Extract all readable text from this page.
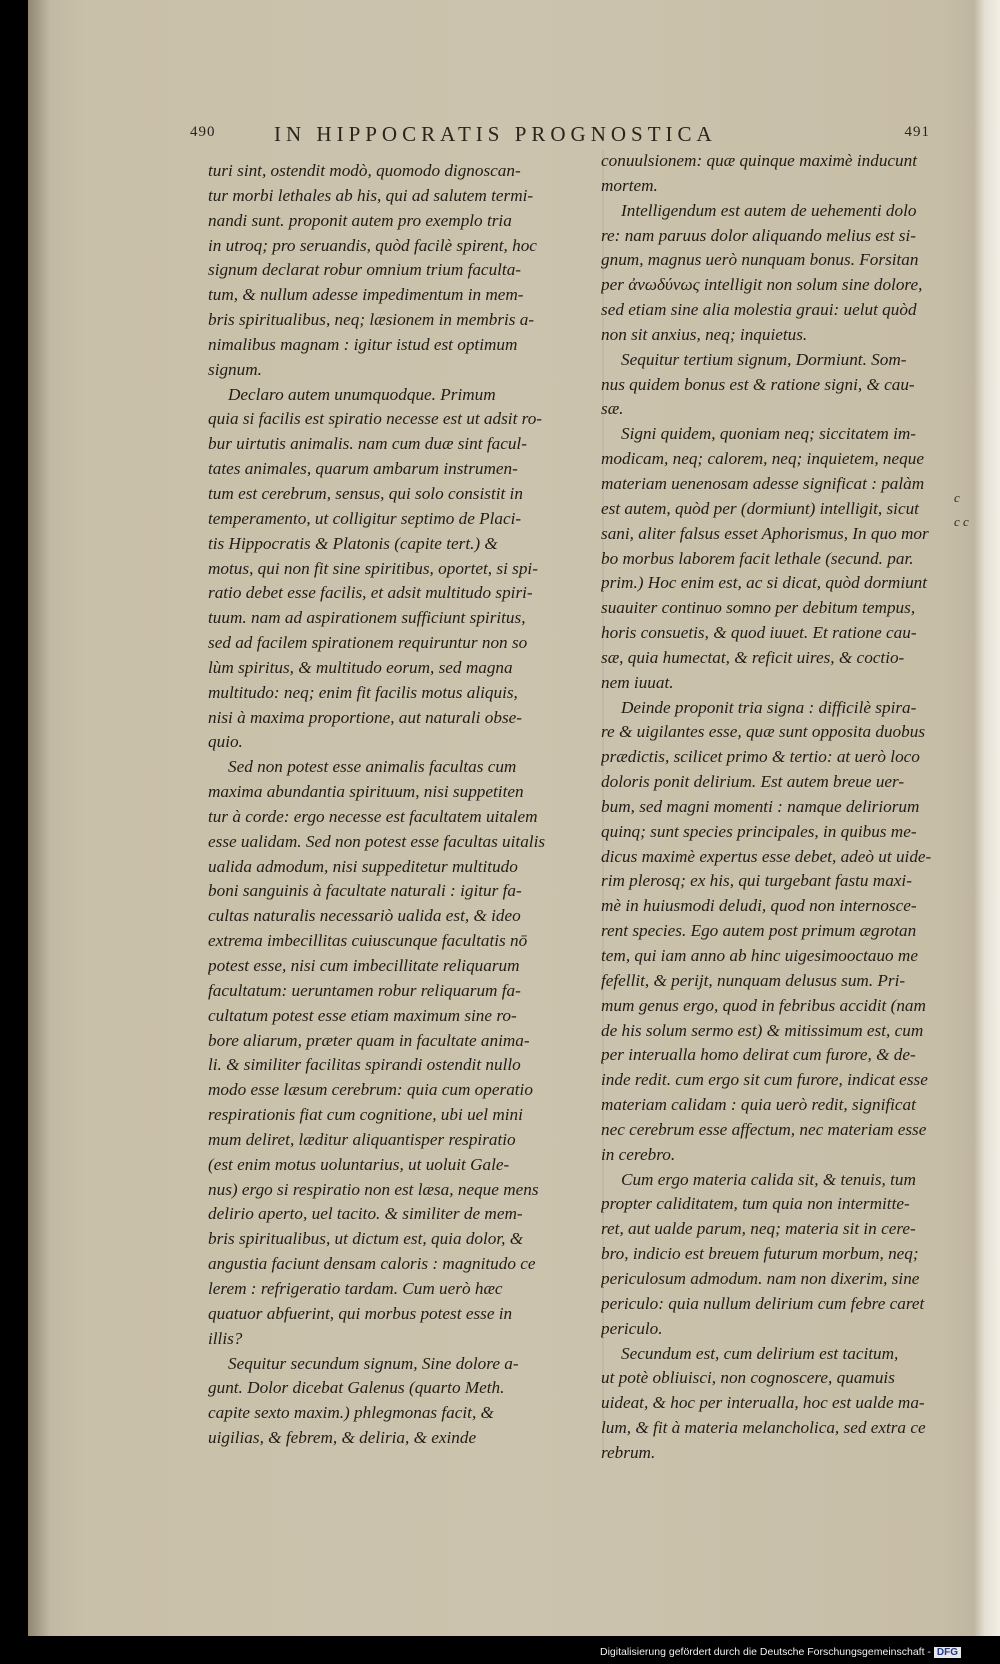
490	IN HIPPOCRATIS PROGNOSTICA	491
turi sint, ostendit modò, quomodo dignoscan-
tur morbi lethales ab his, qui ad salutem termi-
nandi sunt. proponit autem pro exemplo tria
in utroq; pro seruandis, quòd facilè spirent, hoc
signum declarat robur omnium trium faculta-
tum, & nullum adesse impedimentum in mem-
bris spiritualibus, neq; læsionem in membris a-
nimalibus magnam : igitur istud est optimum
signum.
Declaro autem unumquodque. Primum
quia si facilis est spiratio necesse est ut adsit ro-
bur uirtutis animalis. nam cum duæ sint facul-
tates animales, quarum ambarum instrumen-
tum est cerebrum, sensus, qui solo consistit in
temperamento, ut colligitur septimo de Placi-
tis Hippocratis & Platonis (capite tert.) &
motus, qui non fit sine spiritibus, oportet, si spi-
ratio debet esse facilis, et adsit multitudo spiri-
tuum. nam ad aspirationem sufficiunt spiritus,
sed ad facilem spirationem requiruntur non so
lùm spiritus, & multitudo eorum, sed magna
multitudo: neq; enim fit facilis motus aliquis,
nisi à maxima proportione, aut naturali obse-
quio.
Sed non potest esse animalis facultas cum
maxima abundantia spirituum, nisi suppetiten
tur à corde: ergo necesse est facultatem uitalem
esse ualidam. Sed non potest esse facultas uitalis
ualida admodum, nisi suppeditetur multitudo
boni sanguinis à facultate naturali : igitur fa-
cultas naturalis necessariò ualida est, & ideo
extrema imbecillitas cuiuscunque facultatis nō
potest esse, nisi cum imbecillitate reliquarum
facultatum: ueruntamen robur reliquarum fa-
cultatum potest esse etiam maximum sine ro-
bore aliarum, præter quam in facultate anima-
li. & similiter facilitas spirandi ostendit nullo
modo esse læsum cerebrum: quia cum operatio
respirationis fiat cum cognitione, ubi uel mini
mum deliret, læditur aliquantisper respiratio
(est enim motus uoluntarius, ut uoluit Gale-
nus) ergo si respiratio non est læsa, neque mens
delirio aperto, uel tacito. & similiter de mem-
bris spiritualibus, ut dictum est, quia dolor, &
angustia faciunt densam caloris : magnitudo ce
lerem : refrigeratio tardam. Cum uerò hæc
quatuor abfuerint, qui morbus potest esse in
illis?
Sequitur secundum signum, Sine dolore a-
gunt. Dolor dicebat Galenus (quarto Meth.
capite sexto maxim.) phlegmonas facit, &
uigilias, & febrem, & deliria, & exinde
conuulsionem: quæ quinque maximè inducunt
mortem.
Intelligendum est autem de uehementi dolo
re: nam paruus dolor aliquando melius est si-
gnum, magnus uerò nunquam bonus. Forsitan
per ἀνωδύνως intelligit non solum sine dolore,
sed etiam sine alia molestia graui: uelut quòd
non sit anxius, neq; inquietus.
Sequitur tertium signum, Dormiunt. Som-
nus quidem bonus est & ratione signi, & cau-
sæ.
Signi quidem, quoniam neq; siccitatem im-
modicam, neq; calorem, neq; inquietem, neque
materiam uenenosam adesse significat : palàm
est autem, quòd per (dormiunt) intelligit, sicut
sani, aliter falsus esset Aphorismus, In quo mor
bo morbus laborem facit lethale (secund. par.
prim.) Hoc enim est, ac si dicat, quòd dormiunt
suauiter continuo somno per debitum tempus,
horis consuetis, & quod iuuet. Et ratione cau-
sæ, quia humectat, & reficit uires, & coctio-
nem iuuat.
Deinde proponit tria signa : difficilè spira-
re & uigilantes esse, quæ sunt opposita duobus
prædictis, scilicet primo & tertio: at uerò loco
doloris ponit delirium. Est autem breue uer-
bum, sed magni momenti : namque deliriorum
quinq; sunt species principales, in quibus me-
dicus maximè expertus esse debet, adeò ut uide-
rim plerosq; ex his, qui turgebant fastu maxi-
mè in huiusmodi deludi, quod non internosce-
rent species. Ego autem post primum ægrotan
tem, qui iam anno ab hinc uigesimooctauo me
fefellit, & perijt, nunquam delusus sum. Pri-
mum genus ergo, quod in febribus accidit (nam
de his solum sermo est) & mitissimum est, cum
per interualla homo delirat cum furore, & de-
inde redit. cum ergo sit cum furore, indicat esse
materiam calidam : quia uerò redit, significat
nec cerebrum esse affectum, nec materiam esse
in cerebro.
Cum ergo materia calida sit, & tenuis, tum
propter caliditatem, tum quia non intermitte-
ret, aut ualde parum, neq; materia sit in cere-
bro, indicio est breuem futurum morbum, neq;
periculosum admodum. nam non dixerim, sine
periculo: quia nullum delirium cum febre caret
periculo.
Secundum est, cum delirium est tacitum,
ut potè obliuisci, non cognoscere, quamuis
uideat, & hoc per interualla, hoc est ualde ma-
lum, & fit à materia melancholica, sed extra ce
rebrum.
c
c c
Digitalisierung gefördert durch die Deutsche Forschungsgemeinschaft - DFG
